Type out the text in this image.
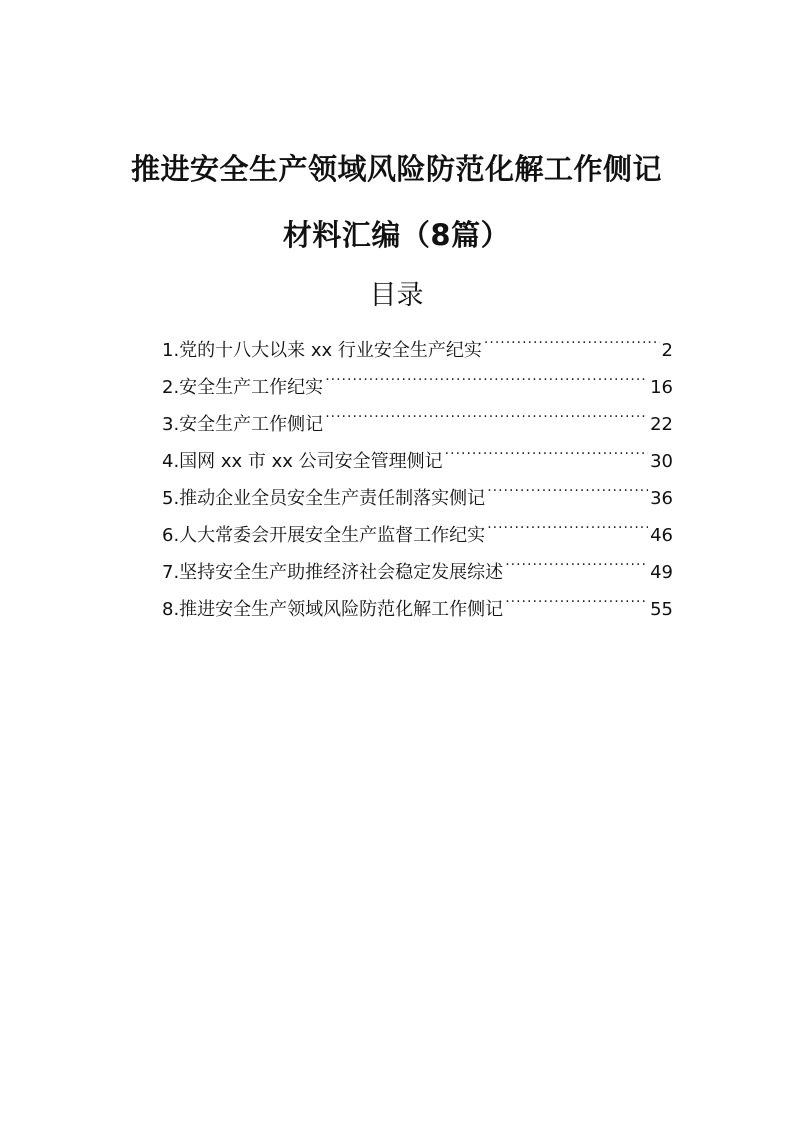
推进安全生产领域风险防范化解工作侧记
材料汇编（8篇）
目录
1.党的十八大以来 xx 行业安全生产纪实 .....	2
2.安全生产工作纪实 .....	16
3.安全生产工作侧记 .....	22
4.国网 xx 市 xx 公司安全管理侧记 .....	30
5.推动企业全员安全生产责任制落实侧记 .....	36
6.人大常委会开展安全生产监督工作纪实 .....	46
7.坚持安全生产助推经济社会稳定发展综述 .....	49
8.推进安全生产领域风险防范化解工作侧记 .....	55
